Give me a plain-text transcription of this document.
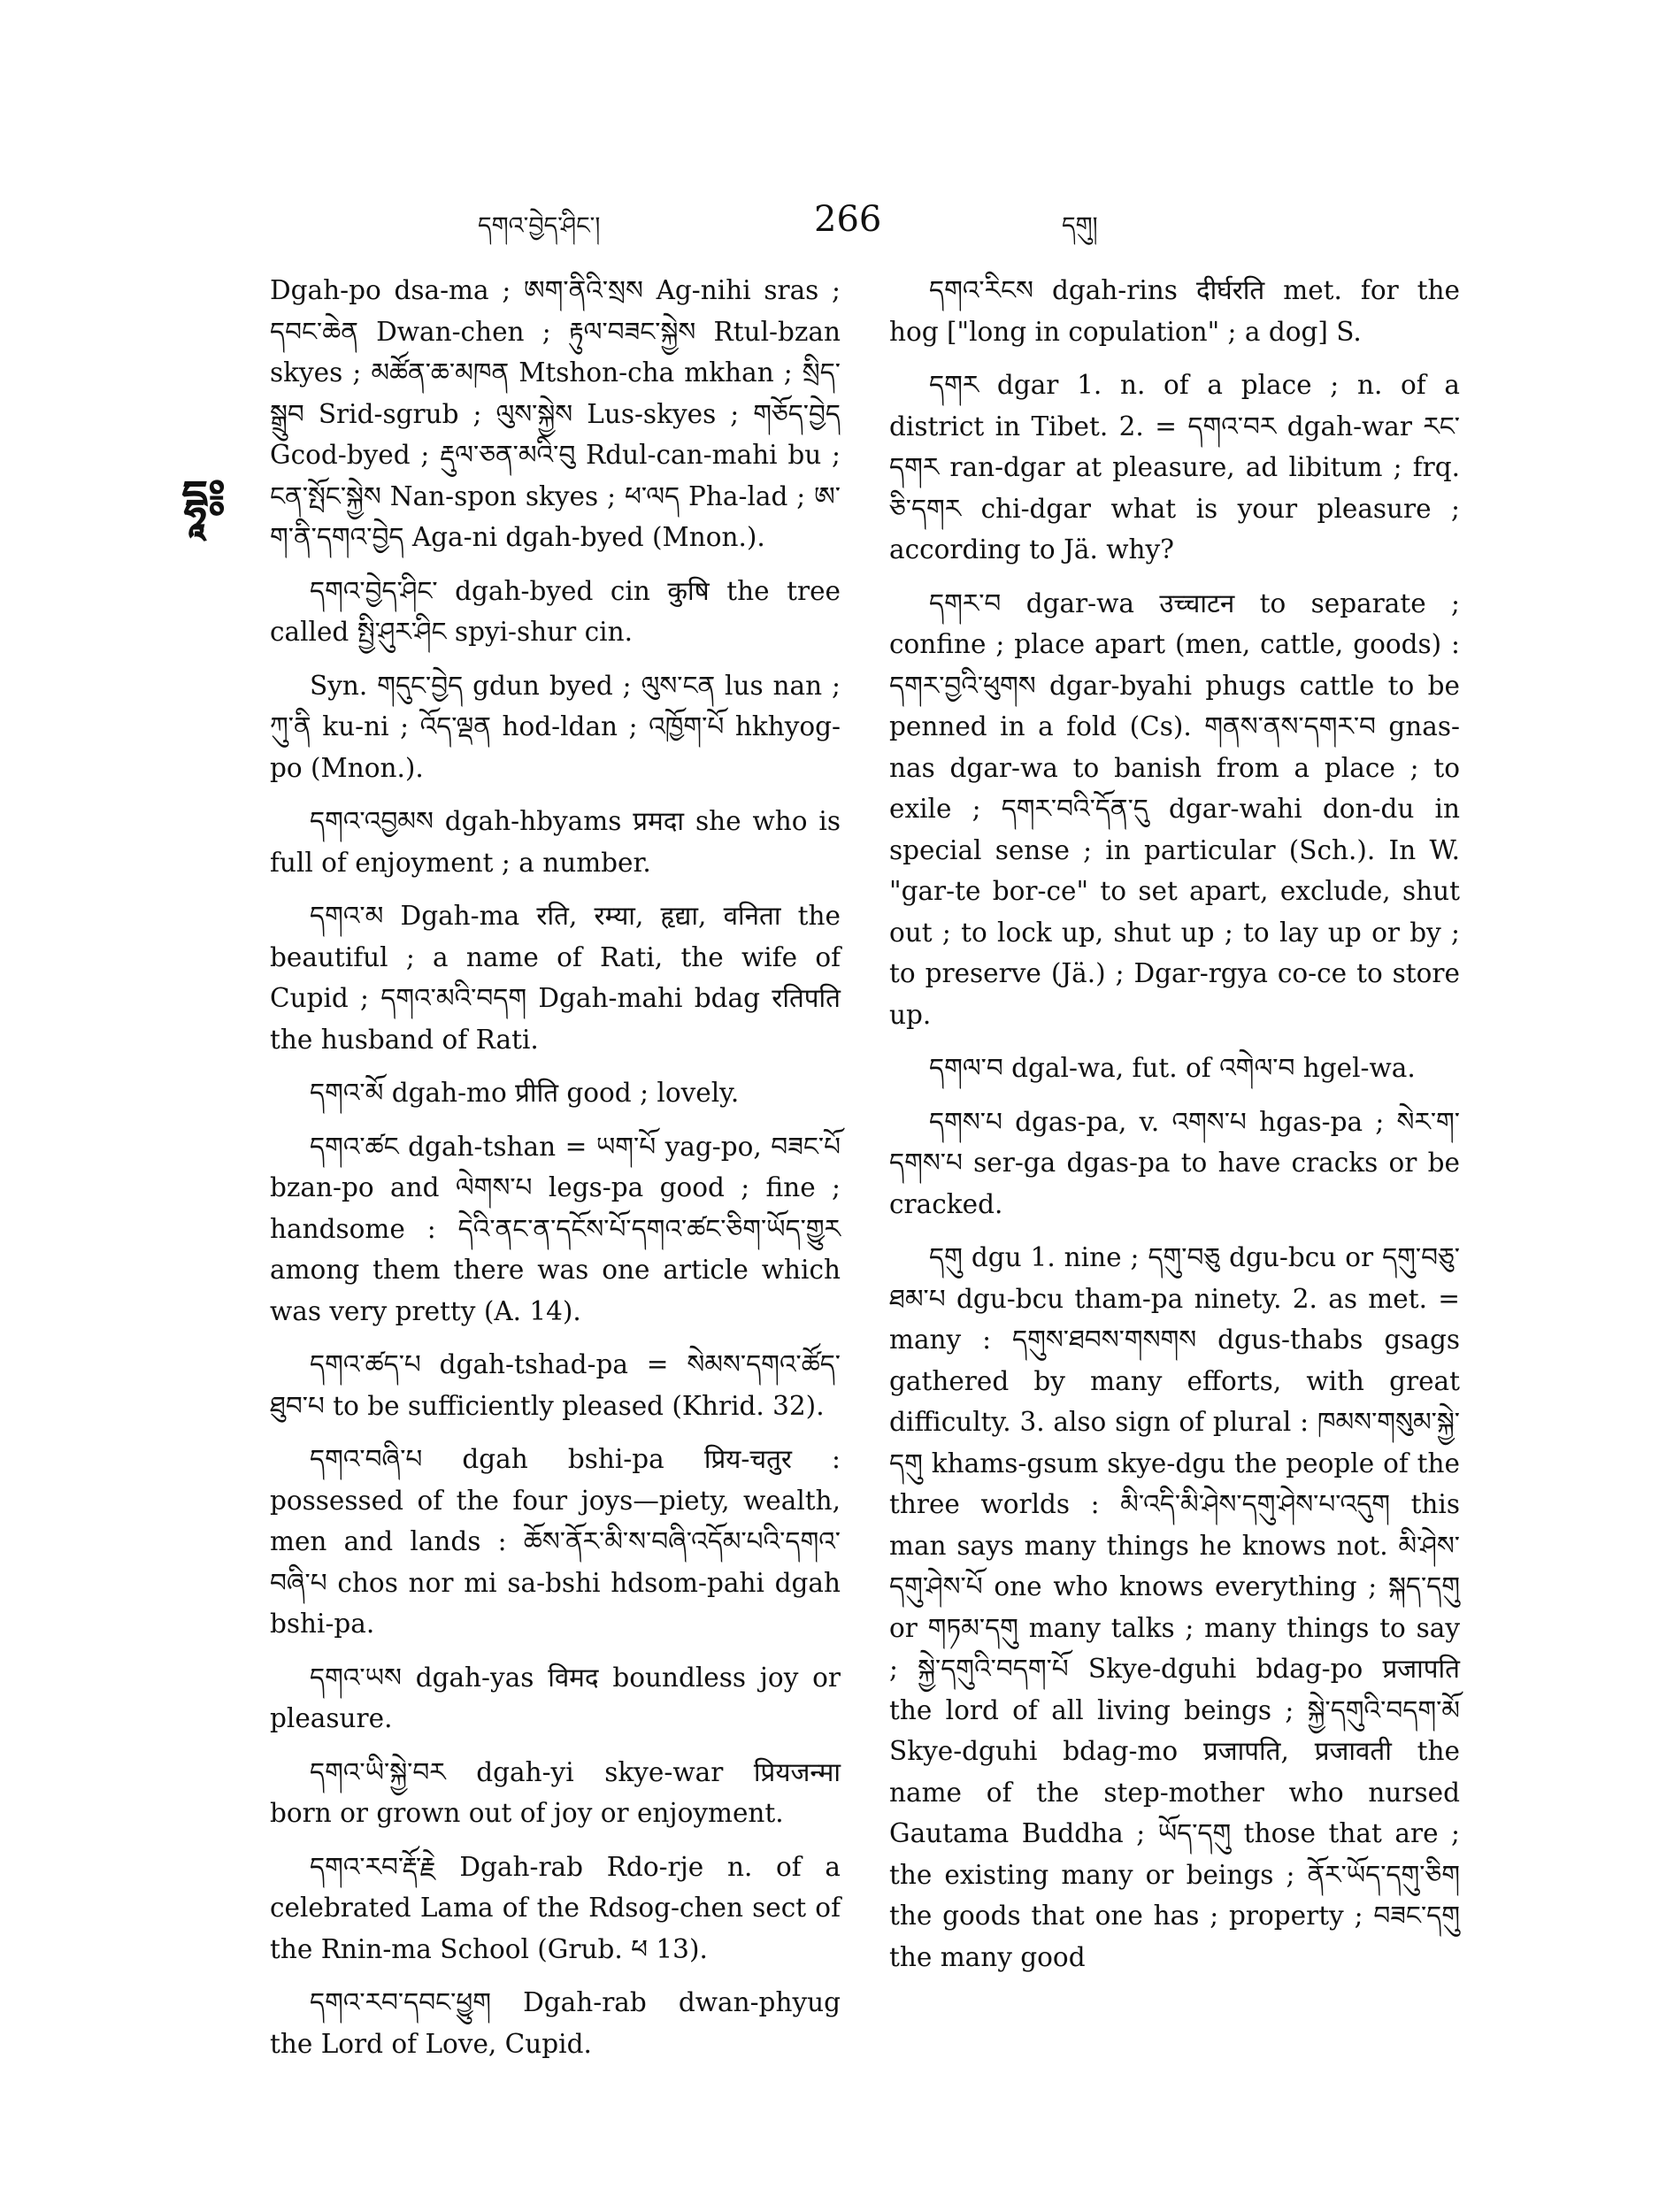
དགའ་བྱེད་ཤིང་།	266	དགུ།
དྷཱ༔

Dgah-po dsa-ma ; ཨག་ནིའི་སྲས Ag-nihi sras ; དབང་ཆེན Dwan-chen ; རྟུལ་བཟང་སྐྱེས Rtul-bzan skyes ; མཚོན་ཆ་མཁན Mtshon-cha mkhan ; སྲིད་སྒྲུབ Srid-sgrub ; ལུས་སྐྱེས Lus-skyes ; གཅོད་བྱེད Gcod-byed ; རྡུལ་ཅན་མའི་བུ Rdul-can-mahi bu ; ངན་སྤོང་སྐྱེས Nan-spon skyes ; ཕ་ལད Pha-lad ; ཨ་ག་ནི་དགའ་བྱེད Aga-ni dgah-byed (Mnon.).

དགའ་བྱེད་ཤིང་ dgah-byed cin कुषि the tree called སྤྱི་ཤུར་ཤིང spyi-shur cin.

Syn. གདུང་བྱེད gdun byed ; ལུས་ངན lus nan ; ཀུ་ནི ku-ni ; འོད་ལྡན hod-ldan ; འཁྱོག་པོ hkhyog-po (Mnon.).

དགའ་འབྱམས dgah-hbyams प्रमदा she who is full of enjoyment ; a number.

དགའ་མ Dgah-ma रति, रम्या, हृद्या, वनिता the beautiful ; a name of Rati, the wife of Cupid ; དགའ་མའི་བདག Dgah-mahi bdag रतिपति the husband of Rati.

དགའ་མོ dgah-mo प्रीति good ; lovely.

དགའ་ཚང dgah-tshan = ཡག་པོ yag-po, བཟང་པོ bzan-po and ལེགས་པ legs-pa good ; fine ; handsome : དེའི་ནང་ན་དངོས་པོ་དགའ་ཚང་ཅིག་ཡོད་གྱུར among them there was one article which was very pretty (A. 14).

དགའ་ཚད་པ dgah-tshad-pa = སེམས་དགའ་ཚོད་ཐུབ་པ to be sufficiently pleased (Khrid. 32).

དགའ་བཞི་པ dgah bshi-pa प्रिय-चतुर : possessed of the four joys—piety, wealth, men and lands : ཆོས་ནོར་མི་ས་བཞི་འདོམ་པའི་དགའ་བཞི་པ chos nor mi sa-bshi hdsom-pahi dgah bshi-pa.

དགའ་ཡས dgah-yas विमद boundless joy or pleasure.

དགའ་ཡི་སྐྱེ་བར dgah-yi skye-war प्रियजन्मा born or grown out of joy or enjoyment.

དགའ་རབ་རྡོ་རྗེ Dgah-rab Rdo-rje n. of a celebrated Lama of the Rdsog-chen sect of the Rnin-ma School (Grub. ཕ 13).

དགའ་རབ་དབང་ཕྱུག Dgah-rab dwan-phyug the Lord of Love, Cupid.

དགའ་རིངས dgah-rins दीर्घरति met. for the hog ["long in copulation" ; a dog] S.

དགར dgar 1. n. of a place ; n. of a district in Tibet. 2. = དགའ་བར dgah-war རང་དགར ran-dgar at pleasure, ad libitum ; frq. ཅི་དགར chi-dgar what is your pleasure ; according to Jä. why?

དགར་བ dgar-wa उच्चाटन to separate ; confine ; place apart (men, cattle, goods) : དགར་བྱའི་ཕུགས dgar-byahi phugs cattle to be penned in a fold (Cs). གནས་ནས་དགར་བ gnas-nas dgar-wa to banish from a place ; to exile ; དགར་བའི་དོན་དུ dgar-wahi don-du in special sense ; in particular (Sch.). In W. "gar-te bor-ce" to set apart, exclude, shut out ; to lock up, shut up ; to lay up or by ; to preserve (Jä.) ; Dgar-rgya co-ce to store up.

དགལ་བ dgal-wa, fut. of འགེལ་བ hgel-wa.

དགས་པ dgas-pa, v. འགས་པ hgas-pa ; སེར་ག་དགས་པ ser-ga dgas-pa to have cracks or be cracked.

དགུ dgu 1. nine ; དགུ་བཅུ dgu-bcu or དགུ་བཅུ་ཐམ་པ dgu-bcu tham-pa ninety. 2. as met. = many : དགུས་ཐབས་གསགས dgus-thabs gsags gathered by many efforts, with great difficulty. 3. also sign of plural : ཁམས་གསུམ་སྐྱེ་དགུ khams-gsum skye-dgu the people of the three worlds : མི་འདི་མི་ཤེས་དགུ་ཤེས་པ་འདུག this man says many things he knows not. མི་ཤེས་དགུ་ཤེས་པོ one who knows everything ; སྐད་དགུ or གཏམ་དགུ many talks ; many things to say ; སྐྱེ་དགུའི་བདག་པོ Skye-dguhi bdag-po प्रजापति the lord of all living beings ; སྐྱེ་དགུའི་བདག་མོ Skye-dguhi bdag-mo प्रजापति, प्रजावती the name of the step-mother who nursed Gautama Buddha ; ཡོད་དགུ those that are ; the existing many or beings ; ནོར་ཡོད་དགུ་ཅིག the goods that one has ; property ; བཟང་དགུ the many good
